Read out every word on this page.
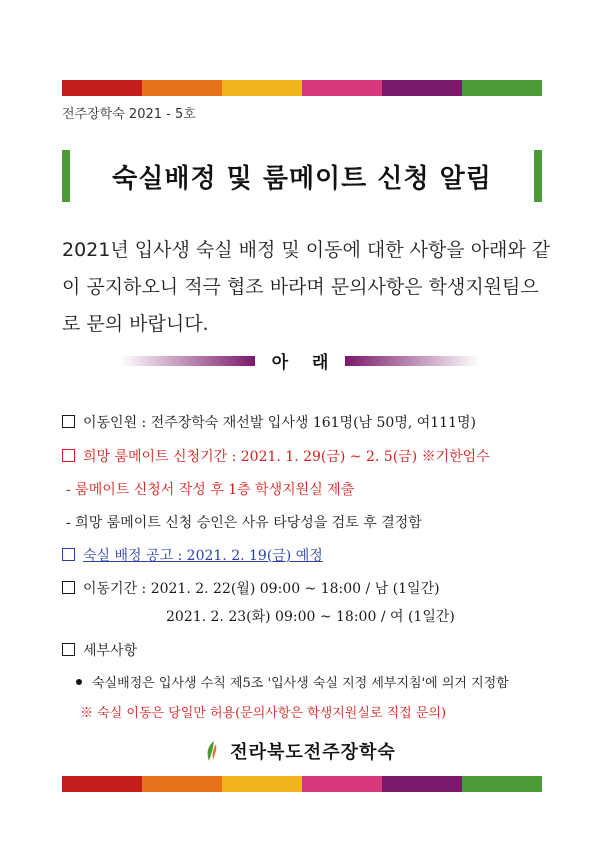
전주장학숙 2021 - 5호
숙실배정 및 룸메이트 신청 알림
2021년 입사생 숙실 배정 및 이동에 대한 사항을 아래와 같이 공지하오니 적극 협조 바라며 문의사항은 학생지원팀으로 문의 바랍니다.
아 래
이동인원 : 전주장학숙 재선발 입사생 161명(남 50명, 여111명)
희망 룸메이트 신청기간 : 2021. 1. 29(금) ~ 2. 5(금) ※기한엄수
- 룸메이트 신청서 작성 후 1층 학생지원실 제출
- 희망 룸메이트 신청 승인은 사유 타당성을 검토 후 결정함
숙실 배정 공고 : 2021. 2. 19(금) 예정
이동기간 : 2021. 2. 22(월) 09:00 ~ 18:00 / 남 (1일간)
2021. 2. 23(화) 09:00 ~ 18:00 / 여 (1일간)
세부사항
숙실배정은 입사생 수칙 제5조 '입사생 숙실 지정 세부지침'에 의거 지정함
※ 숙실 이동은 당일만 허용(문의사항은 학생지원실로 직접 문의)
전라북도전주장학숙
